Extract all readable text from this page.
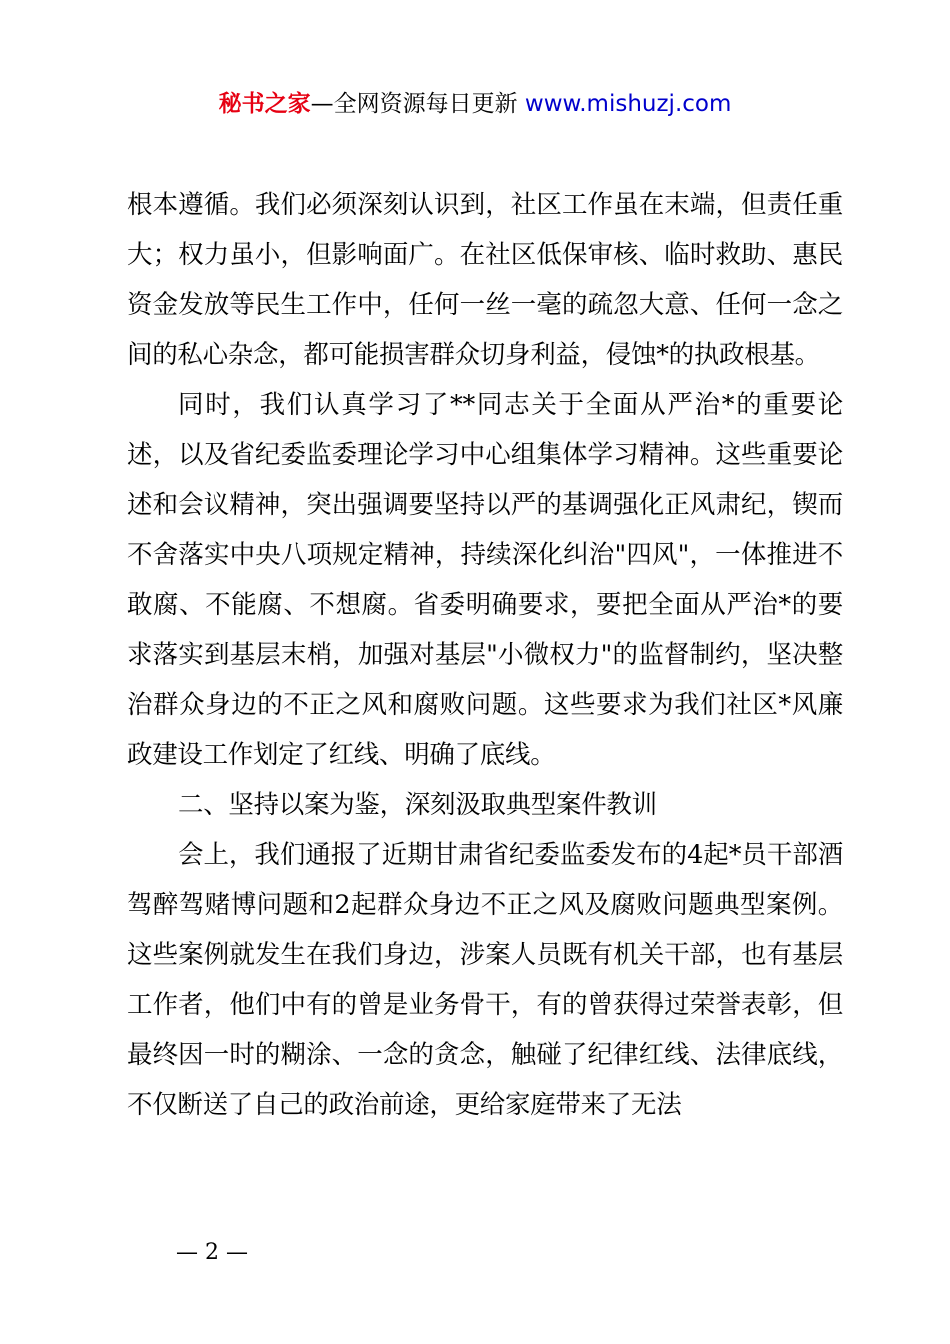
秘书之家—全网资源每日更新 www.mishuzj.com

根本遵循。我们必须深刻认识到，社区工作虽在末端，但责任重大；权力虽小，但影响面广。在社区低保审核、临时救助、惠民资金发放等民生工作中，任何一丝一毫的疏忽大意、任何一念之间的私心杂念，都可能损害群众切身利益，侵蚀*的执政根基。

同时，我们认真学习了**同志关于全面从严治*的重要论述，以及省纪委监委理论学习中心组集体学习精神。这些重要论述和会议精神，突出强调要坚持以严的基调强化正风肃纪，锲而不舍落实中央八项规定精神，持续深化纠治"四风"，一体推进不敢腐、不能腐、不想腐。省委明确要求，要把全面从严治*的要求落实到基层末梢，加强对基层"小微权力"的监督制约，坚决整治群众身边的不正之风和腐败问题。这些要求为我们社区*风廉政建设工作划定了红线、明确了底线。

二、坚持以案为鉴，深刻汲取典型案件教训

会上，我们通报了近期甘肃省纪委监委发布的4起*员干部酒驾醉驾赌博问题和2起群众身边不正之风及腐败问题典型案例。这些案例就发生在我们身边，涉案人员既有机关干部，也有基层工作者，他们中有的曾是业务骨干，有的曾获得过荣誉表彰，但最终因一时的糊涂、一念的贪念，触碰了纪律红线、法律底线，不仅断送了自己的政治前途，更给家庭带来了无法

— 2 —
